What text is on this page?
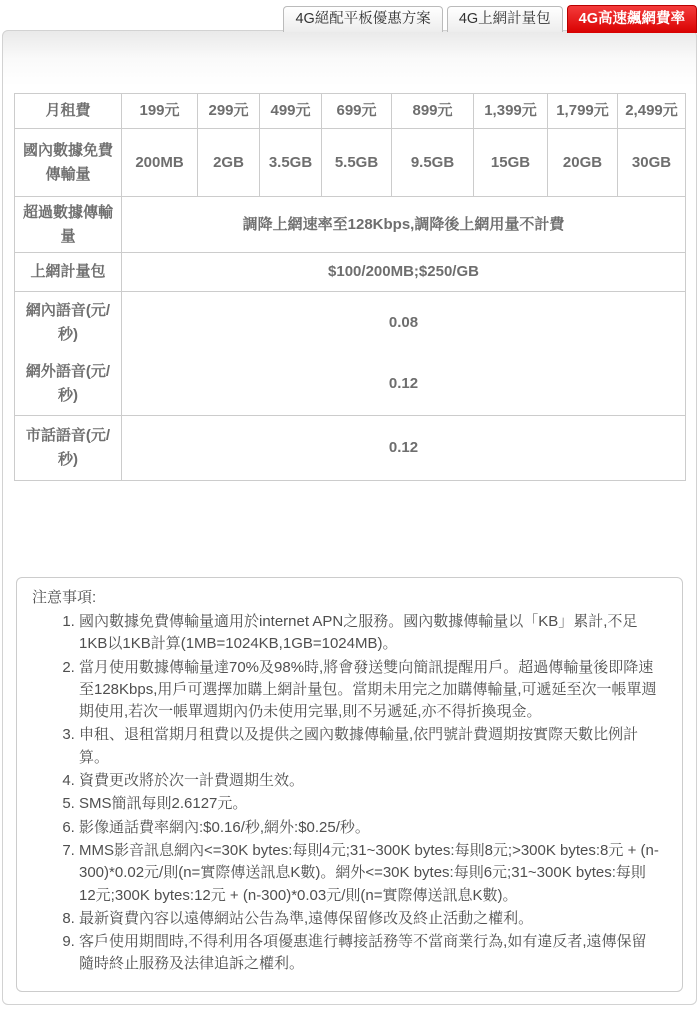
4G絕配平板優惠方案	4G上網計量包	4G高速飆網費率
月租費	199元	299元	499元	699元	899元	1,399元	1,799元	2,499元
國內數據免費傳輸量	200MB	2GB	3.5GB	5.5GB	9.5GB	15GB	20GB	30GB
超過數據傳輸量	調降上網速率至128Kbps,調降後上網用量不計費							
上網計量包	$100/200MB;$250/GB							
網內語音(元/秒)	0.08							
網外語音(元/秒)	0.12							
市話語音(元/秒)	0.12							
注意事項:
1. 國內數據免費傳輸量適用於internet APN之服務。國內數據傳輸量以「KB」累計,不足1KB以1KB計算(1MB=1024KB,1GB=1024MB)。
2. 當月使用數據傳輸量達70%及98%時,將會發送雙向簡訊提醒用戶。超過傳輸量後即降速至128Kbps,用戶可選擇加購上網計量包。當期未用完之加購傳輸量,可遞延至次一帳單週期使用,若次一帳單週期內仍未使用完畢,則不另遞延,亦不得折換現金。
3. 申租、退租當期月租費以及提供之國內數據傳輸量,依門號計費週期按實際天數比例計算。
4. 資費更改將於次一計費週期生效。
5. SMS簡訊每則2.6127元。
6. 影像通話費率網內:$0.16/秒,網外:$0.25/秒。
7. MMS影音訊息網內<=30K bytes:每則4元;31~300K bytes:每則8元;>300K bytes:8元 + (n-300)*0.02元/則(n=實際傳送訊息K數)。網外<=30K bytes:每則6元;31~300K bytes:每則12元;300K bytes:12元 + (n-300)*0.03元/則(n=實際傳送訊息K數)。
8. 最新資費內容以遠傳網站公告為準,遠傳保留修改及終止活動之權利。
9. 客戶使用期間時,不得利用各項優惠進行轉接話務等不當商業行為,如有違反者,遠傳保留隨時終止服務及法律追訴之權利。
